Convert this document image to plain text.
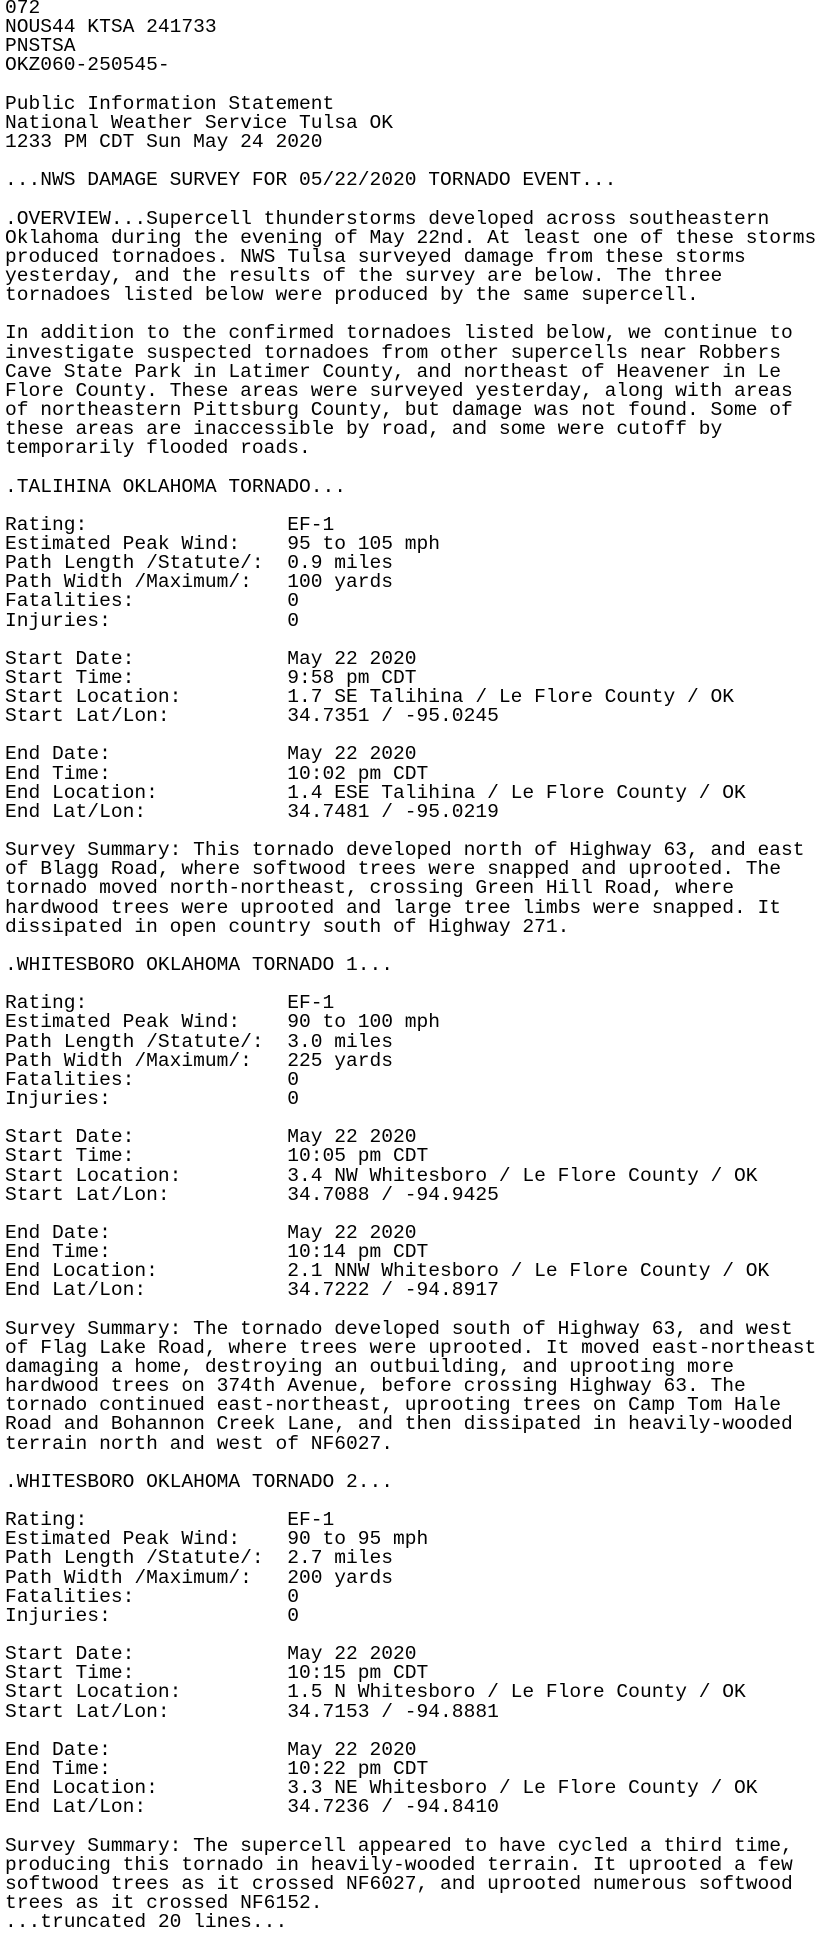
072
NOUS44 KTSA 241733
PNSTSA
OKZ060-250545-
Public Information Statement
National Weather Service Tulsa OK
1233 PM CDT Sun May 24 2020
...NWS DAMAGE SURVEY FOR 05/22/2020 TORNADO EVENT...
.OVERVIEW...Supercell thunderstorms developed across southeastern
Oklahoma during the evening of May 22nd. At least one of these storms
produced tornadoes. NWS Tulsa surveyed damage from these storms
yesterday, and the results of the survey are below. The three
tornadoes listed below were produced by the same supercell.
In addition to the confirmed tornadoes listed below, we continue to
investigate suspected tornadoes from other supercells near Robbers
Cave State Park in Latimer County, and northeast of Heavener in Le
Flore County. These areas were surveyed yesterday, along with areas
of northeastern Pittsburg County, but damage was not found. Some of
these areas are inaccessible by road, and some were cutoff by
temporarily flooded roads.
.TALIHINA OKLAHOMA TORNADO...
Rating:                 EF-1
Estimated Peak Wind:    95 to 105 mph
Path Length /Statute/:  0.9 miles
Path Width /Maximum/:   100 yards
Fatalities:             0
Injuries:               0
Start Date:             May 22 2020
Start Time:             9:58 pm CDT
Start Location:         1.7 SE Talihina / Le Flore County / OK
Start Lat/Lon:          34.7351 / -95.0245
End Date:               May 22 2020
End Time:               10:02 pm CDT
End Location:           1.4 ESE Talihina / Le Flore County / OK
End Lat/Lon:            34.7481 / -95.0219
Survey Summary: This tornado developed north of Highway 63, and east
of Blagg Road, where softwood trees were snapped and uprooted. The
tornado moved north-northeast, crossing Green Hill Road, where
hardwood trees were uprooted and large tree limbs were snapped. It
dissipated in open country south of Highway 271.
.WHITESBORO OKLAHOMA TORNADO 1...
Rating:                 EF-1
Estimated Peak Wind:    90 to 100 mph
Path Length /Statute/:  3.0 miles
Path Width /Maximum/:   225 yards
Fatalities:             0
Injuries:               0
Start Date:             May 22 2020
Start Time:             10:05 pm CDT
Start Location:         3.4 NW Whitesboro / Le Flore County / OK
Start Lat/Lon:          34.7088 / -94.9425
End Date:               May 22 2020
End Time:               10:14 pm CDT
End Location:           2.1 NNW Whitesboro / Le Flore County / OK
End Lat/Lon:            34.7222 / -94.8917
Survey Summary: The tornado developed south of Highway 63, and west
of Flag Lake Road, where trees were uprooted. It moved east-northeast
damaging a home, destroying an outbuilding, and uprooting more
hardwood trees on 374th Avenue, before crossing Highway 63. The
tornado continued east-northeast, uprooting trees on Camp Tom Hale
Road and Bohannon Creek Lane, and then dissipated in heavily-wooded
terrain north and west of NF6027.
.WHITESBORO OKLAHOMA TORNADO 2...
Rating:                 EF-1
Estimated Peak Wind:    90 to 95 mph
Path Length /Statute/:  2.7 miles
Path Width /Maximum/:   200 yards
Fatalities:             0
Injuries:               0
Start Date:             May 22 2020
Start Time:             10:15 pm CDT
Start Location:         1.5 N Whitesboro / Le Flore County / OK
Start Lat/Lon:          34.7153 / -94.8881
End Date:               May 22 2020
End Time:               10:22 pm CDT
End Location:           3.3 NE Whitesboro / Le Flore County / OK
End Lat/Lon:            34.7236 / -94.8410
Survey Summary: The supercell appeared to have cycled a third time,
producing this tornado in heavily-wooded terrain. It uprooted a few
softwood trees as it crossed NF6027, and uprooted numerous softwood
trees as it crossed NF6152.
...truncated 20 lines...
